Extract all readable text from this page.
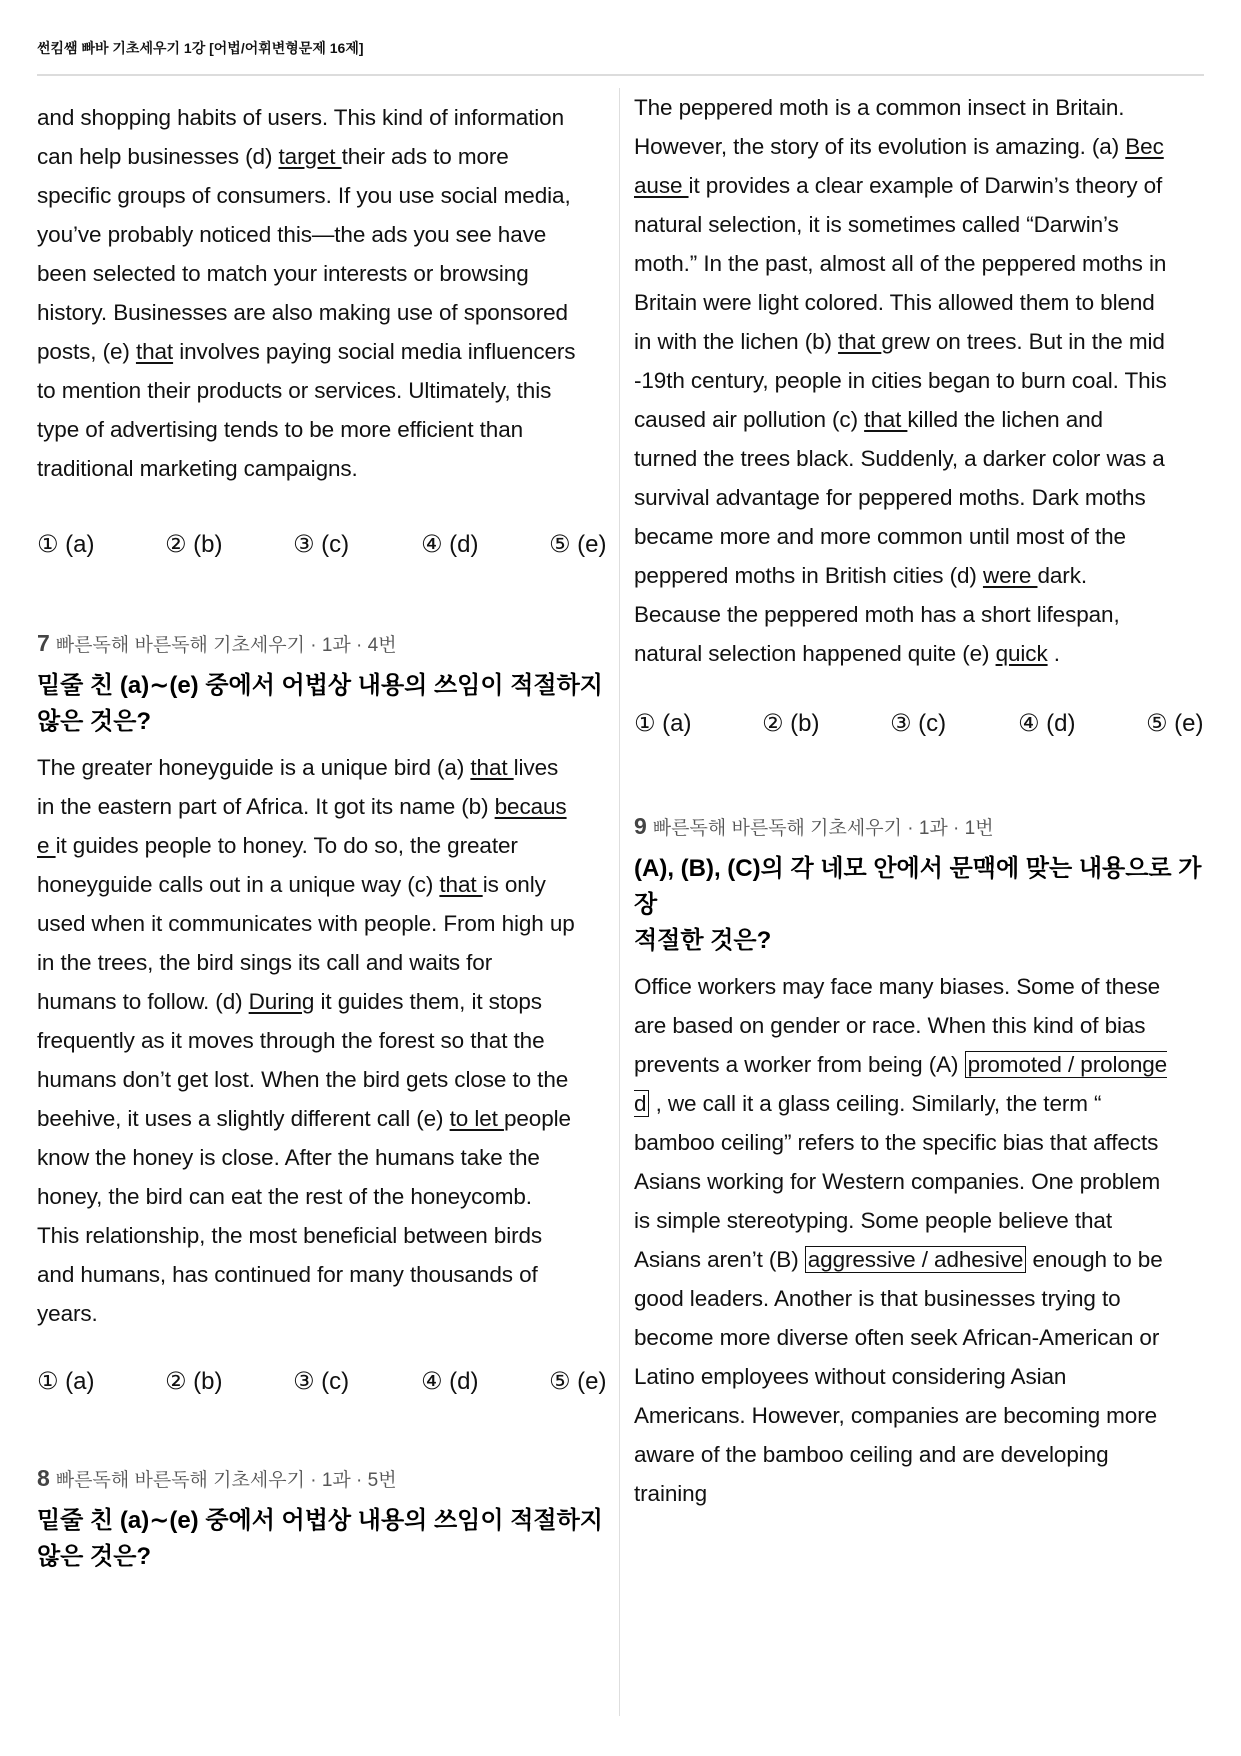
썬킴쌤 빠바 기초세우기 1강 [어법/어휘변형문제 16제]
and shopping habits of users. This kind of information
can help businesses (d) target their ads to more
specific groups of consumers. If you use social media,
you’ve probably noticed this—the ads you see have
been selected to match your interests or browsing
history. Businesses are also making use of sponsored
posts, (e) that involves paying social media influencers
to mention their products or services. Ultimately, this
type of advertising tends to be more efficient than
traditional marketing campaigns.
① (a)	② (b)	③ (c)	④ (d)	⑤ (e)
7 빠른독해 바른독해 기초세우기 · 1과 · 4번
밑줄 친 (a)∼(e) 중에서 어법상 내용의 쓰임이 적절하지
않은 것은?
The greater honeyguide is a unique bird (a) that lives
in the eastern part of Africa. It got its name (b) becaus
e it guides people to honey. To do so, the greater
honeyguide calls out in a unique way (c) that is only
used when it communicates with people. From high up
in the trees, the bird sings its call and waits for
humans to follow. (d) During it guides them, it stops
frequently as it moves through the forest so that the
humans don’t get lost. When the bird gets close to the
beehive, it uses a slightly different call (e) to let people
know the honey is close. After the humans take the
honey, the bird can eat the rest of the honeycomb.
This relationship, the most beneficial between birds
and humans, has continued for many thousands of
years.
① (a)	② (b)	③ (c)	④ (d)	⑤ (e)
8 빠른독해 바른독해 기초세우기 · 1과 · 5번
밑줄 친 (a)∼(e) 중에서 어법상 내용의 쓰임이 적절하지
않은 것은?
The peppered moth is a common insect in Britain.
However, the story of its evolution is amazing. (a) Bec
ause it provides a clear example of Darwin’s theory of
natural selection, it is sometimes called “Darwin’s
moth.” In the past, almost all of the peppered moths in
Britain were light colored. This allowed them to blend
in with the lichen (b) that grew on trees. But in the mid
-19th century, people in cities began to burn coal. This
caused air pollution (c) that killed the lichen and
turned the trees black. Suddenly, a darker color was a
survival advantage for peppered moths. Dark moths
became more and more common until most of the
peppered moths in British cities (d) were dark.
Because the peppered moth has a short lifespan,
natural selection happened quite (e) quick .
① (a)	② (b)	③ (c)	④ (d)	⑤ (e)
9 빠른독해 바른독해 기초세우기 · 1과 · 1번
(A), (B), (C)의 각 네모 안에서 문맥에 맞는 내용으로 가장
적절한 것은?
Office workers may face many biases. Some of these
are based on gender or race. When this kind of bias
prevents a worker from being (A) promoted / prolonge
d , we call it a glass ceiling. Similarly, the term “
bamboo ceiling” refers to the specific bias that affects
Asians working for Western companies. One problem
is simple stereotyping. Some people believe that
Asians aren’t (B) aggressive / adhesive enough to be
good leaders. Another is that businesses trying to
become more diverse often seek African-American or
Latino employees without considering Asian
Americans. However, companies are becoming more
aware of the bamboo ceiling and are developing
training
